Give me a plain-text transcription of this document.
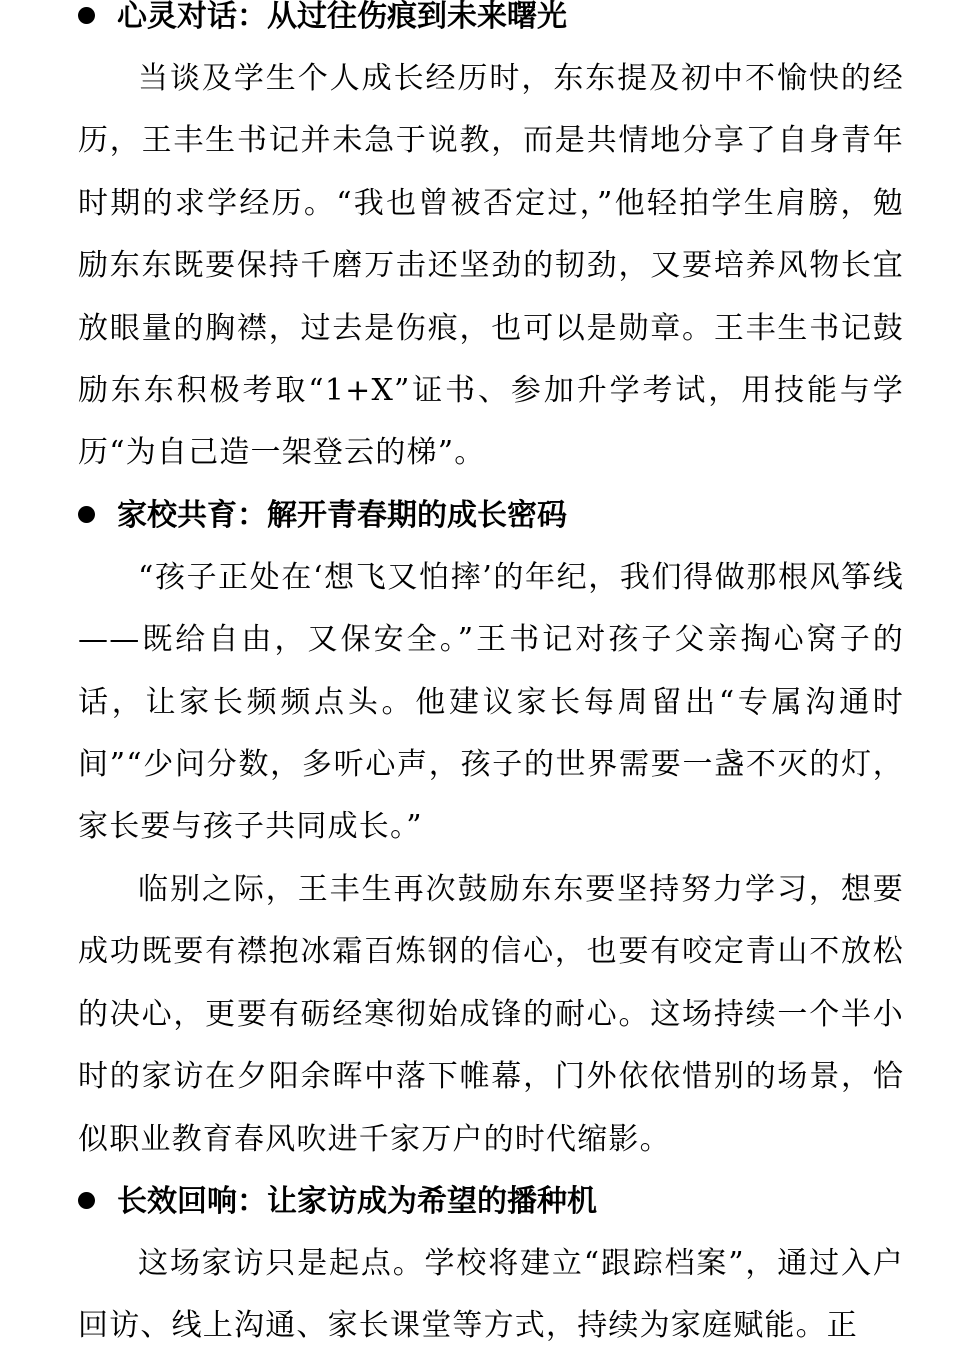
心灵对话：从过往伤痕到未来曙光

当谈及学生个人成长经历时，东东提及初中不愉快的经历，王丰生书记并未急于说教，而是共情地分享了自身青年时期的求学经历。“我也曾被否定过，”他轻拍学生肩膀，勉励东东既要保持千磨万击还坚劲的韧劲，又要培养风物长宜放眼量的胸襟，过去是伤痕，也可以是勋章。王丰生书记鼓励东东积极考取“1+X”证书、参加升学考试，用技能与学历“为自己造一架登云的梯”。

家校共育：解开青春期的成长密码

“孩子正处在‘想飞又怕摔’的年纪，我们得做那根风筝线——既给自由，又保安全。”王书记对孩子父亲掏心窝子的话，让家长频频点头。他建议家长每周留出“专属沟通时间”“少问分数，多听心声，孩子的世界需要一盏不灭的灯，家长要与孩子共同成长。”

临别之际，王丰生再次鼓励东东要坚持努力学习，想要成功既要有襟抱冰霜百炼钢的信心，也要有咬定青山不放松的决心，更要有砺经寒彻始成锋的耐心。这场持续一个半小时的家访在夕阳余晖中落下帷幕，门外依依惜别的场景，恰似职业教育春风吹进千家万户的时代缩影。

长效回响：让家访成为希望的播种机

这场家访只是起点。学校将建立“跟踪档案”，通过入户回访、线上沟通、家长课堂等方式，持续为家庭赋能。正
